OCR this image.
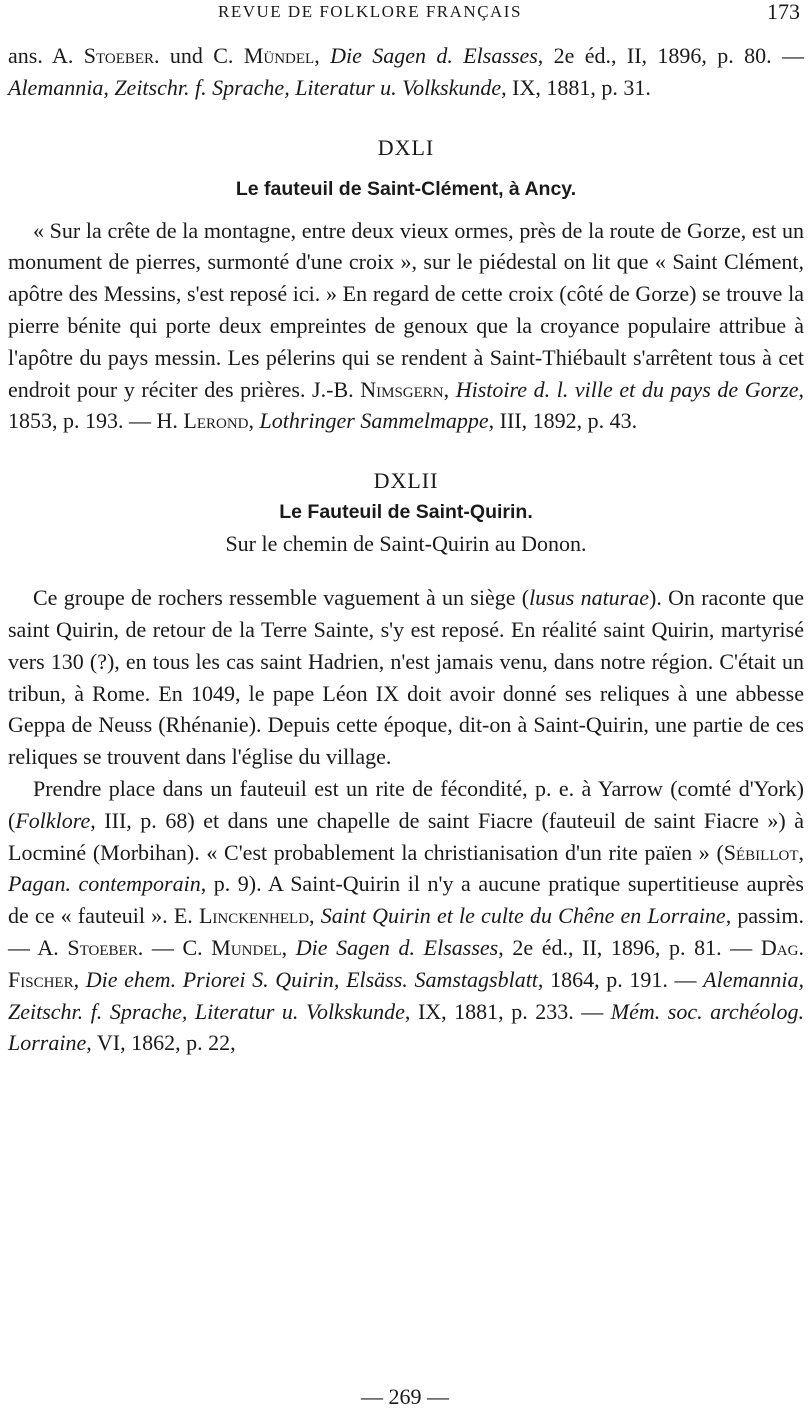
REVUE DE FOLKLORE FRANÇAIS	173

ans. A. Stoeber. und C. Mündel, Die Sagen d. Elsasses, 2e éd., II, 1896, p. 80. — Alemannia, Zeitschr. f. Sprache, Literatur u. Volkskunde, IX, 1881, p. 31.

DXLI
Le fauteuil de Saint-Clément, à Ancy.

« Sur la crête de la montagne, entre deux vieux ormes, près de la route de Gorze, est un monument de pierres, surmonté d'une croix », sur le piédestal on lit que « Saint Clément, apôtre des Messins, s'est reposé ici. » En regard de cette croix (côté de Gorze) se trouve la pierre bénite qui porte deux empreintes de genoux que la croyance populaire attribue à l'apôtre du pays messin. Les pélerins qui se rendent à Saint-Thiébault s'arrêtent tous à cet endroit pour y réciter des prières. J.-B. Nimsgern, Histoire d. l. ville et du pays de Gorze, 1853, p. 193. — H. Lerond, Lothringer Sammelmappe, III, 1892, p. 43.

DXLII
Le Fauteuil de Saint-Quirin.
Sur le chemin de Saint-Quirin au Donon.

Ce groupe de rochers ressemble vaguement à un siège (lusus naturae). On raconte que saint Quirin, de retour de la Terre Sainte, s'y est reposé. En réalité saint Quirin, martyrisé vers 130 (?), en tous les cas saint Hadrien, n'est jamais venu, dans notre région. C'était un tribun, à Rome. En 1049, le pape Léon IX doit avoir donné ses reliques à une abbesse Geppa de Neuss (Rhénanie). Depuis cette époque, dit-on à Saint-Quirin, une partie de ces reliques se trouvent dans l'église du village.

Prendre place dans un fauteuil est un rite de fécondité, p. e. à Yarrow (comté d'York) (Folklore, III, p. 68) et dans une chapelle de saint Fiacre (fauteuil de saint Fiacre ») à Locminé (Morbihan). « C'est probablement la christianisation d'un rite païen » (Sébillot, Pagan. contemporain, p. 9). A Saint-Quirin il n'y a aucune pratique supertitieuse auprès de ce « fauteuil ». E. Linckenheld, Saint Quirin et le culte du Chêne en Lorraine, passim. — A. Stoeber. — C. Mundel, Die Sagen d. Elsasses, 2e éd., II, 1896, p. 81. — Dag. Fischer, Die ehem. Priorei S. Quirin, Elsäss. Samstagsblatt, 1864, p. 191. — Alemannia, Zeitschr. f. Sprache, Literatur u. Volkskunde, IX, 1881, p. 233. — Mém. soc. archéolog. Lorraine, VI, 1862, p. 22,

— 269 —
